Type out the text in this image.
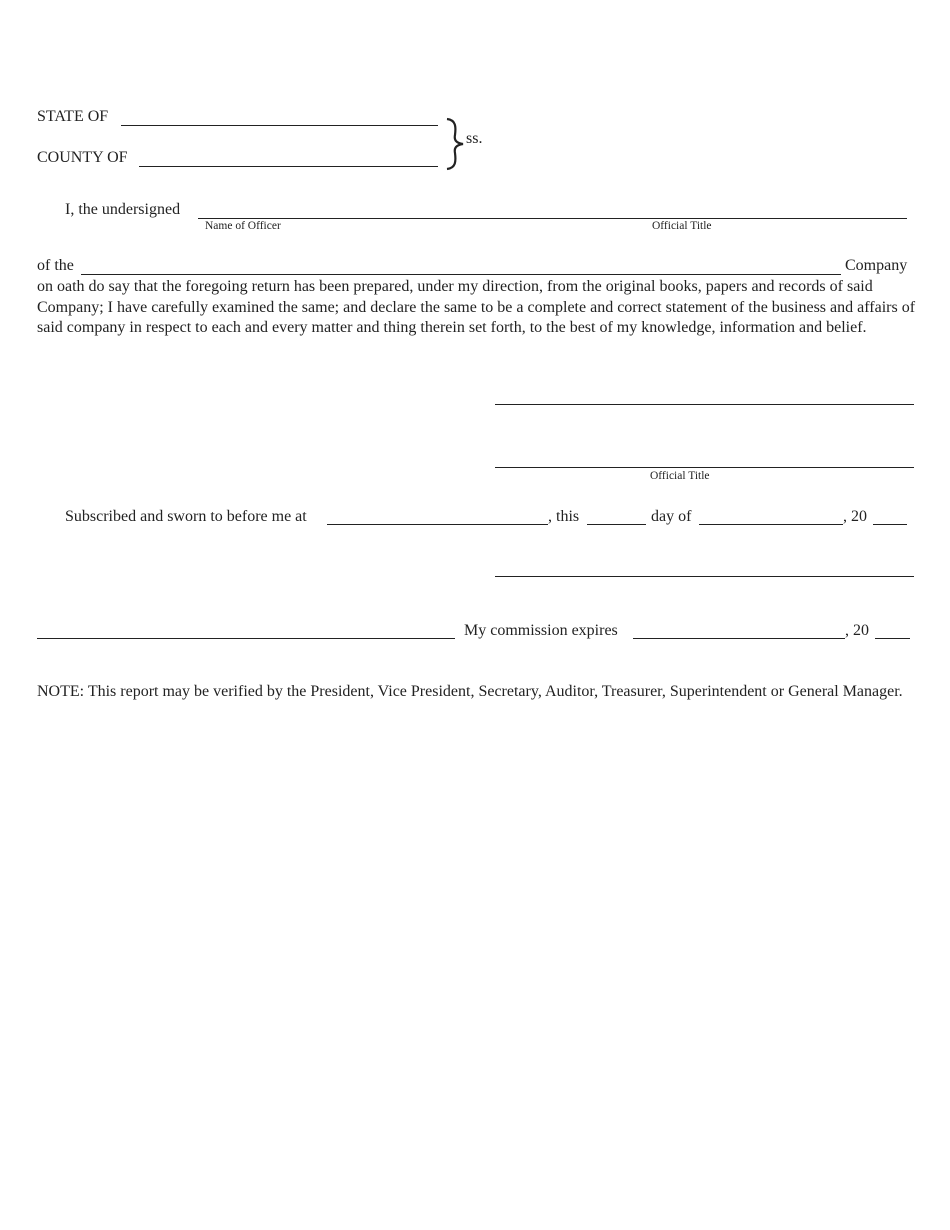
STATE OF
COUNTY OF
ss.
I, the undersigned
Name of Officer	Official Title
of the	Company
on oath do say that the foregoing return has been prepared, under my direction, from the original books, papers and records of said Company; I have carefully examined the same; and declare the same to be a complete and correct statement of the business and affairs of said company in respect to each and every matter and thing therein set forth, to the best of my knowledge, information and belief.
Official Title
Subscribed and sworn to before me at	, this	day of	, 20
My commission expires	, 20
NOTE: This report may be verified by the President, Vice President, Secretary, Auditor, Treasurer, Superintendent or General Manager.
